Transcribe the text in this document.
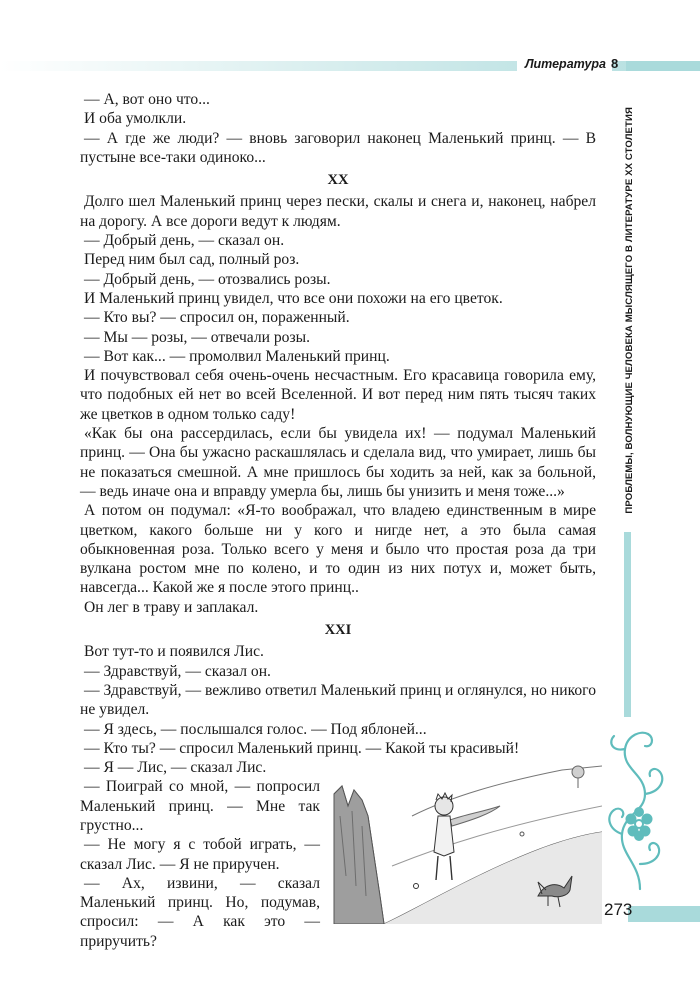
Литература 8
ПРОБЛЕМЫ, ВОЛНУЮЩИЕ ЧЕЛОВЕКА МЫСЛЯЩЕГО В ЛИТЕРАТУРЕ ХХ СТОЛЕТИЯ
273

— А, вот оно что...

И оба умолкли.

— А где же люди? — вновь заговорил наконец Маленький принц. — В пустыне все-таки одиноко...

XX

Долго шел Маленький принц через пески, скалы и снега и, наконец, набрел на дорогу. А все дороги ведут к людям.

— Добрый день, — сказал он.

Перед ним был сад, полный роз.

— Добрый день, — отозвались розы.

И Маленький принц увидел, что все они похожи на его цветок.

— Кто вы? — спросил он, пораженный.

— Мы — розы, — отвечали розы.

— Вот как... — промолвил Маленький принц.

И почувствовал себя очень-очень несчастным. Его красавица говорила ему, что подобных ей нет во всей Вселенной. И вот перед ним пять тысяч таких же цветков в одном только саду!

«Как бы она рассердилась, если бы увидела их! — подумал Маленький принц. — Она бы ужасно раскашлялась и сделала вид, что умирает, лишь бы не показаться смешной. А мне пришлось бы ходить за ней, как за больной, — ведь иначе она и вправду умерла бы, лишь бы унизить и меня тоже...»

А потом он подумал: «Я-то воображал, что владею единственным в мире цветком, какого больше ни у кого и нигде нет, а это была самая обыкновенная роза. Только всего у меня и было что простая роза да три вулкана ростом мне по колено, и то один из них потух и, может быть, навсегда... Какой же я после этого принц..

Он лег в траву и заплакал.

XXI

Вот тут-то и появился Лис.

— Здравствуй, — сказал он.

— Здравствуй, — вежливо ответил Маленький принц и оглянулся, но никого не увидел.

— Я здесь, — послышался голос. — Под яблоней...

— Кто ты? — спросил Маленький принц. — Какой ты красивый!

— Я — Лис, — сказал Лис.

— Поиграй со мной, — попросил Маленький принц. — Мне так грустно...

— Не могу я с тобой играть, — сказал Лис. — Я не приручен.

— Ах, извини, — сказал Маленький принц. Но, подумав, спросил: — А как это — приручить?
